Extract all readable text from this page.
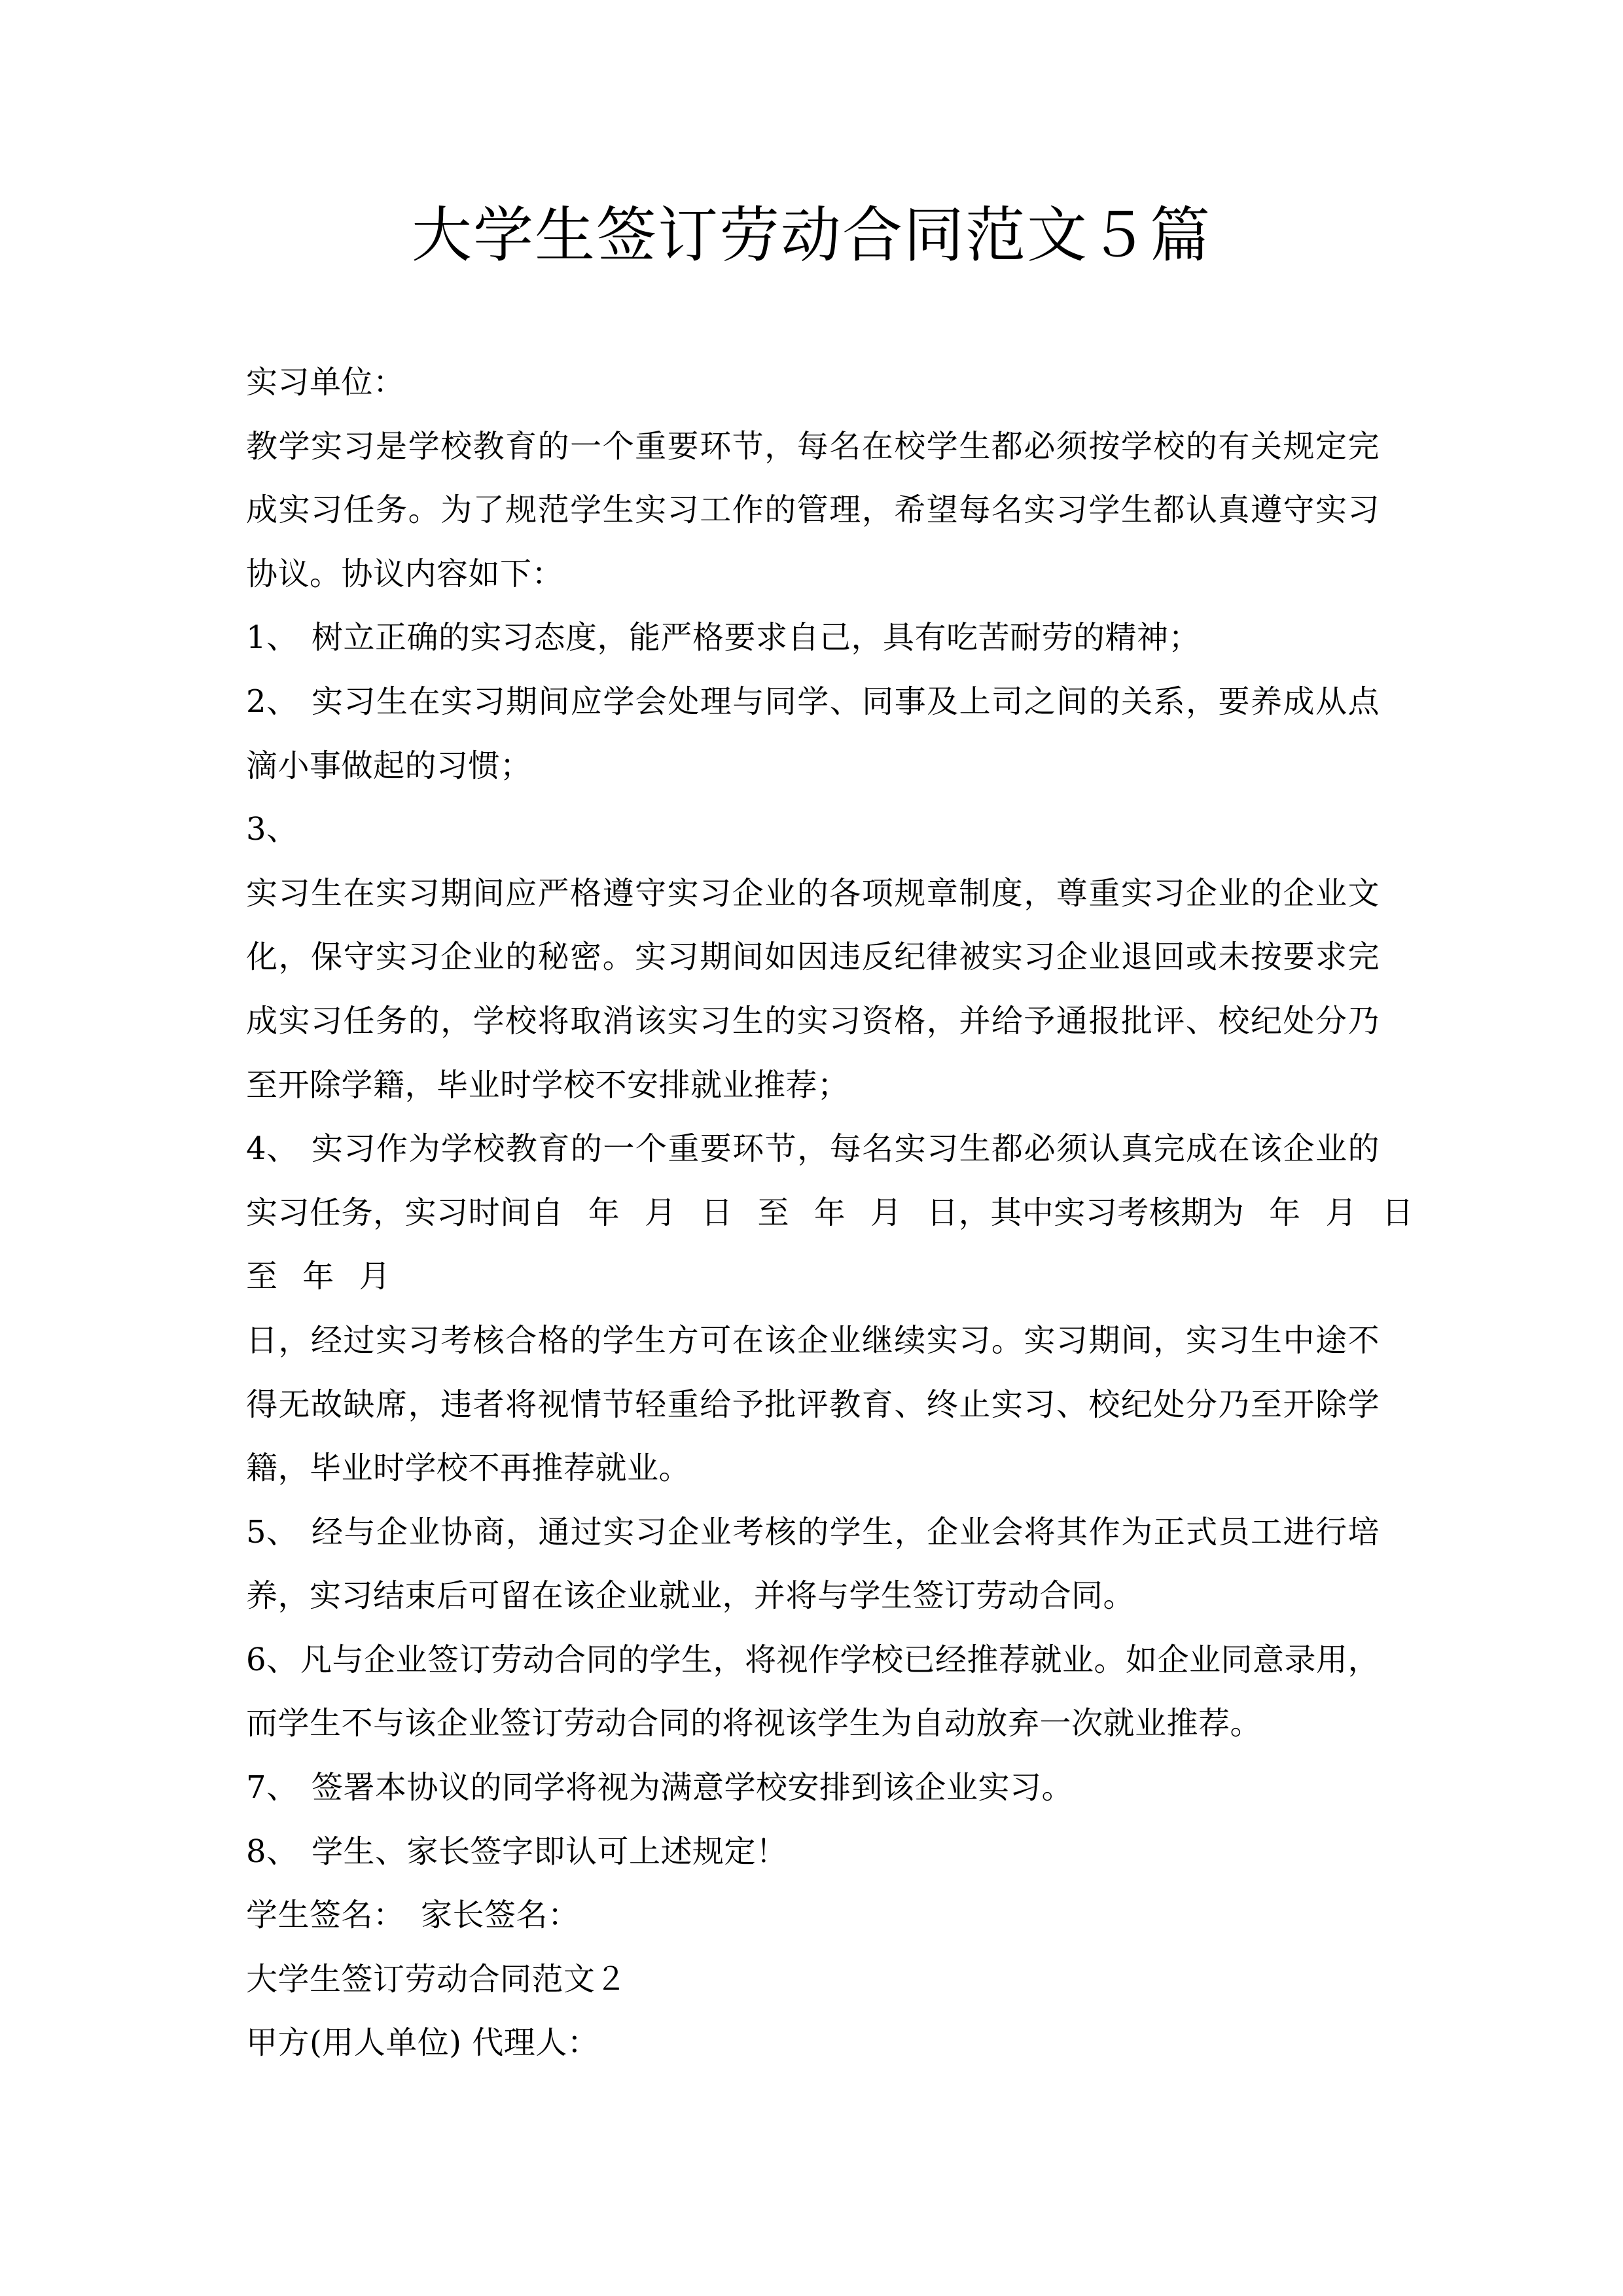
大学生签订劳动合同范文５篇
实习单位：
教学实习是学校教育的一个重要环节，每名在校学生都必须按学校的有关规定完
成实习任务。为了规范学生实习工作的管理，希望每名实习学生都认真遵守实习
协议。协议内容如下：
1、 树立正确的实习态度，能严格要求自己，具有吃苦耐劳的精神；
2、 实习生在实习期间应学会处理与同学、同事及上司之间的关系，要养成从点
滴小事做起的习惯；
3、
实习生在实习期间应严格遵守实习企业的各项规章制度，尊重实习企业的企业文
化，保守实习企业的秘密。实习期间如因违反纪律被实习企业退回或未按要求完
成实习任务的，学校将取消该实习生的实习资格，并给予通报批评、校纪处分乃
至开除学籍，毕业时学校不安排就业推荐；
4、 实习作为学校教育的一个重要环节，每名实习生都必须认真完成在该企业的
实习任务，实习时间自 年 月 日 至 年 月 日，其中实习考核期为 年 月 日
至 年 月
日，经过实习考核合格的学生方可在该企业继续实习。实习期间，实习生中途不
得无故缺席，违者将视情节轻重给予批评教育、终止实习、校纪处分乃至开除学
籍，毕业时学校不再推荐就业。
5、 经与企业协商，通过实习企业考核的学生，企业会将其作为正式员工进行培
养，实习结束后可留在该企业就业，并将与学生签订劳动合同。
6、 凡与企业签订劳动合同的学生，将视作学校已经推荐就业。如企业同意录用，
而学生不与该企业签订劳动合同的将视该学生为自动放弃一次就业推荐。
7、 签署本协议的同学将视为满意学校安排到该企业实习。
8、 学生、家长签字即认可上述规定！
学生签名：　家长签名：
大学生签订劳动合同范文２
甲方(用人单位) 代理人：
